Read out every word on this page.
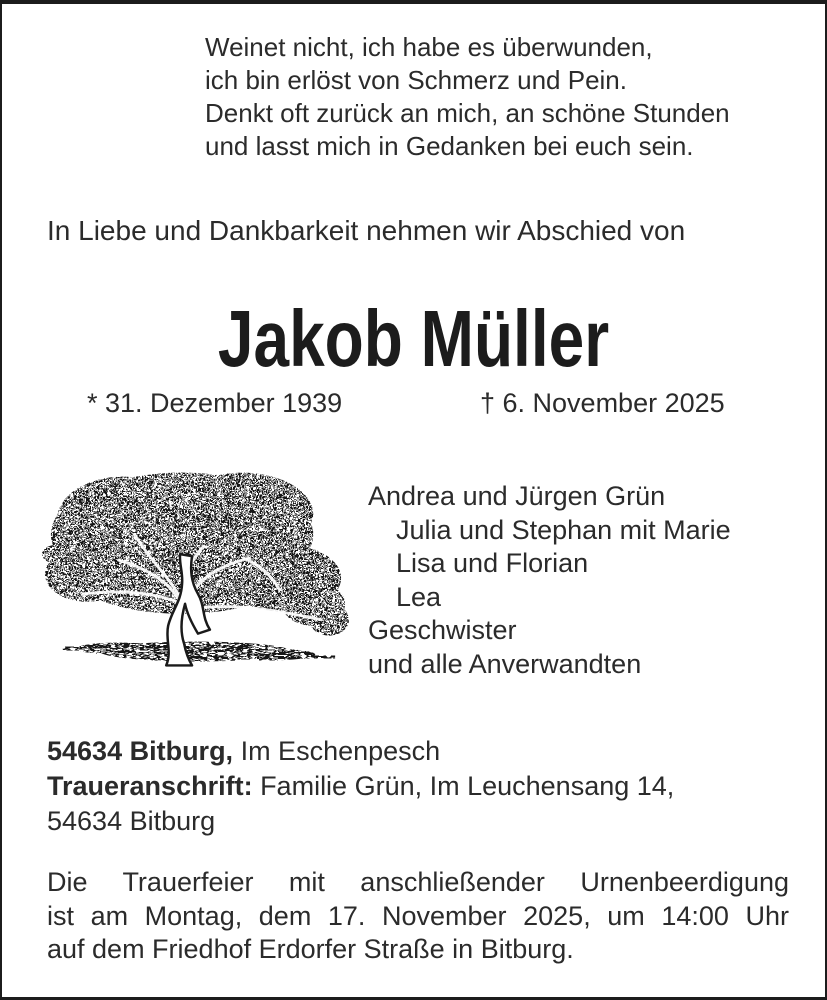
Weinet nicht, ich habe es überwunden,
ich bin erlöst von Schmerz und Pein.
Denkt oft zurück an mich, an schöne Stunden
und lasst mich in Gedanken bei euch sein.
In Liebe und Dankbarkeit nehmen wir Abschied von
Jakob Müller
* 31. Dezember 1939	† 6. November 2025
Andrea und Jürgen Grün
Julia und Stephan mit Marie
Lisa und Florian
Lea
Geschwister
und alle Anverwandten
54634 Bitburg, Im Eschenpesch
Traueranschrift: Familie Grün, Im Leuchensang 14,
54634 Bitburg
Die Trauerfeier mit anschließender Urnenbeerdigung
ist am Montag, dem 17. November 2025, um 14:00 Uhr
auf dem Friedhof Erdorfer Straße in Bitburg.
